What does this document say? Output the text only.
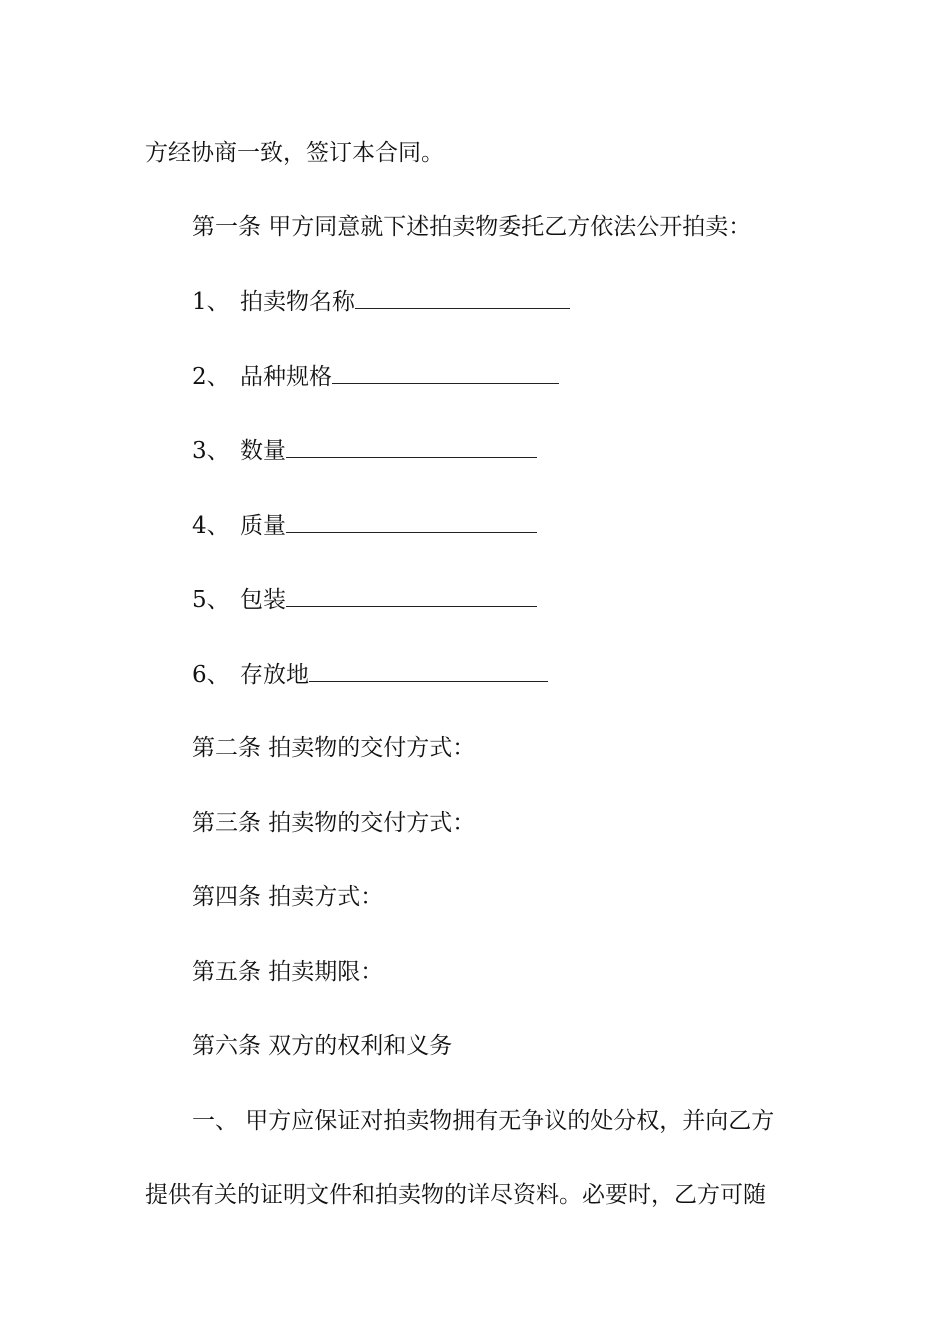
方经协商一致，签订本合同。
第一条 甲方同意就下述拍卖物委托乙方依法公开拍卖：
1、 拍卖物名称
2、 品种规格
3、 数量
4、 质量
5、 包装
6、 存放地
第二条 拍卖物的交付方式：
第三条 拍卖物的交付方式：
第四条 拍卖方式：
第五条 拍卖期限：
第六条 双方的权利和义务
一、 甲方应保证对拍卖物拥有无争议的处分权，并向乙方
提供有关的证明文件和拍卖物的详尽资料。必要时，乙方可随
